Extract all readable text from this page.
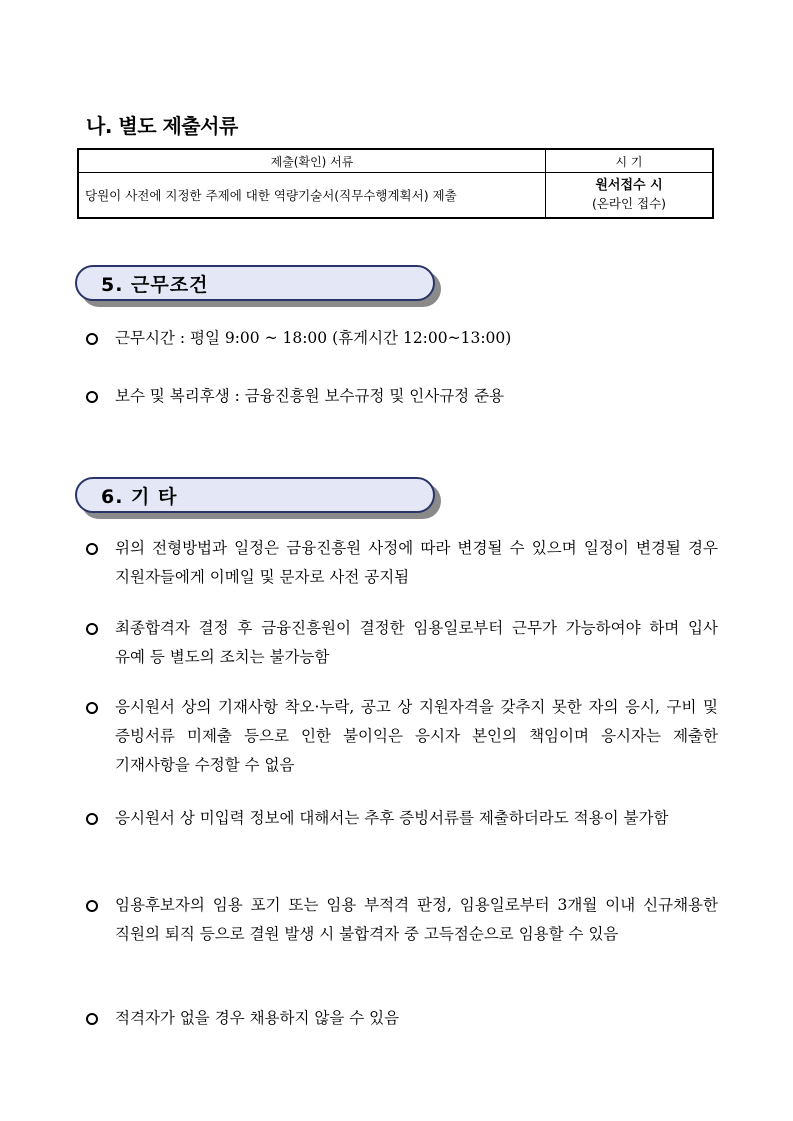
나. 별도 제출서류
제출(확인) 서류	시 기
당원이 사전에 지정한 주제에 대한 역량기술서(직무수행계획서) 제출	원서접수 시
(온라인 접수)
5. 근무조건
근무시간 : 평일 9:00 ~ 18:00 (휴게시간 12:00~13:00)
보수 및 복리후생 : 금융진흥원 보수규정 및 인사규정 준용
6. 기 타
위의 전형방법과 일정은 금융진흥원 사정에 따라 변경될 수 있으며 일정이 변경될 경우 지원자들에게 이메일 및 문자로 사전 공지됨
최종합격자 결정 후 금융진흥원이 결정한 임용일로부터 근무가 가능하여야 하며 입사 유예 등 별도의 조치는 불가능함
응시원서 상의 기재사항 착오·누락, 공고 상 지원자격을 갖추지 못한 자의 응시, 구비 및 증빙서류 미제출 등으로 인한 불이익은 응시자 본인의 책임이며 응시자는 제출한 기재사항을 수정할 수 없음
응시원서 상 미입력 정보에 대해서는 추후 증빙서류를 제출하더라도 적용이 불가함
임용후보자의 임용 포기 또는 임용 부적격 판정, 임용일로부터 3개월 이내 신규채용한 직원의 퇴직 등으로 결원 발생 시 불합격자 중 고득점순으로 임용할 수 있음
적격자가 없을 경우 채용하지 않을 수 있음
